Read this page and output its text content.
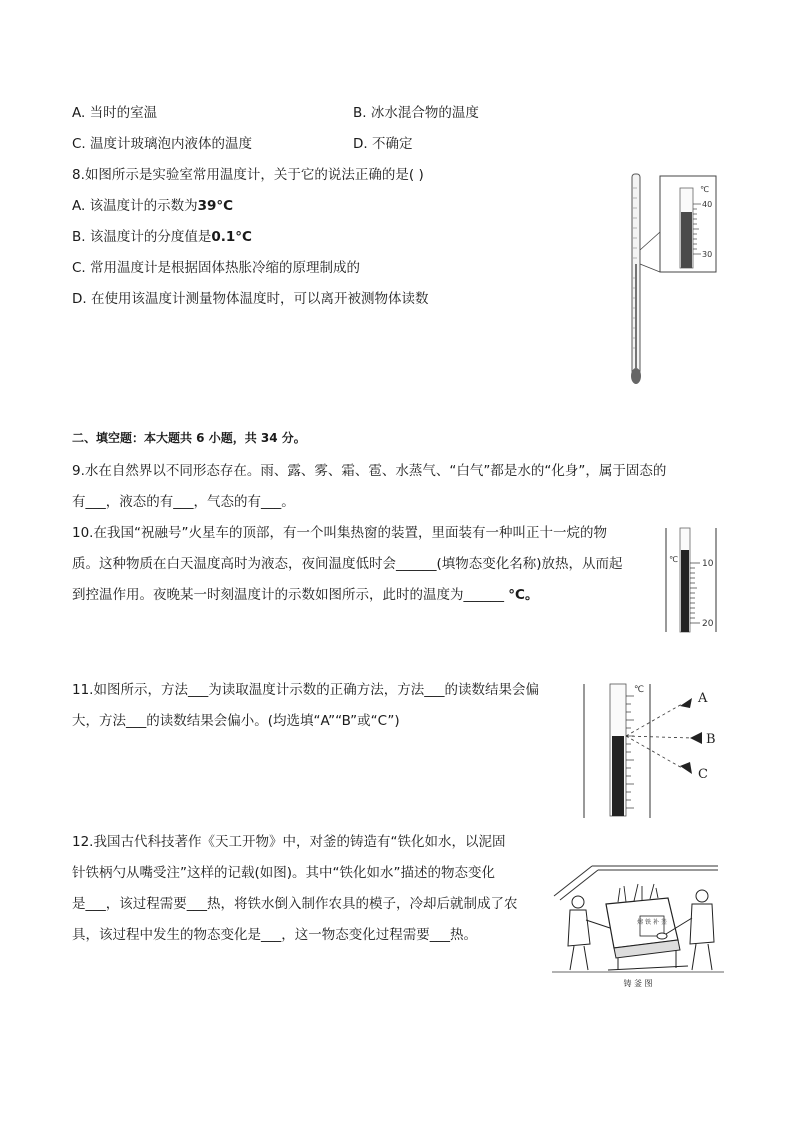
A. 当时的室温	B. 冰水混合物的温度
C. 温度计玻璃泡内液体的温度	D. 不确定
8.如图所示是实验室常用温度计，关于它的说法正确的是( )
A. 该温度计的示数为39°C
B. 该温度计的分度值是0.1°C
C. 常用温度计是根据固体热胀冷缩的原理制成的
D. 在使用该温度计测量物体温度时，可以离开被测物体读数
℃
40
30
二、填空题：本大题共 6 小题，共 34 分。
9.水在自然界以不同形态存在。雨、露、雾、霜、雹、水蒸气、“白气”都是水的“化身”，属于固态的
有___，液态的有___，气态的有___。
10.在我国“祝融号”火星车的顶部，有一个叫集热窗的装置，里面装有一种叫正十一烷的物
质。这种物质在白天温度高时为液态，夜间温度低时会______(填物态变化名称)放热，从而起
到控温作用。夜晚某一时刻温度计的示数如图所示，此时的温度为______ °C。
℃	10
20
11.如图所示，方法___为读取温度计示数的正确方法，方法___的读数结果会偏
大，方法___的读数结果会偏小。(均选填“A”“B”或“C”)
℃
A
B
C
12.我国古代科技著作《天工开物》中，对釜的铸造有“铁化如水，以泥固
针铁柄勺从嘴受注”这样的记载(如图)。其中“铁化如水”描述的物态变化
是___，该过程需要___热，将铁水倒入制作农具的模子，冷却后就制成了农
具，该过程中发生的物态变化是___，这一物态变化过程需要___热。
熔 铁 补 釜
铸 釜 图
